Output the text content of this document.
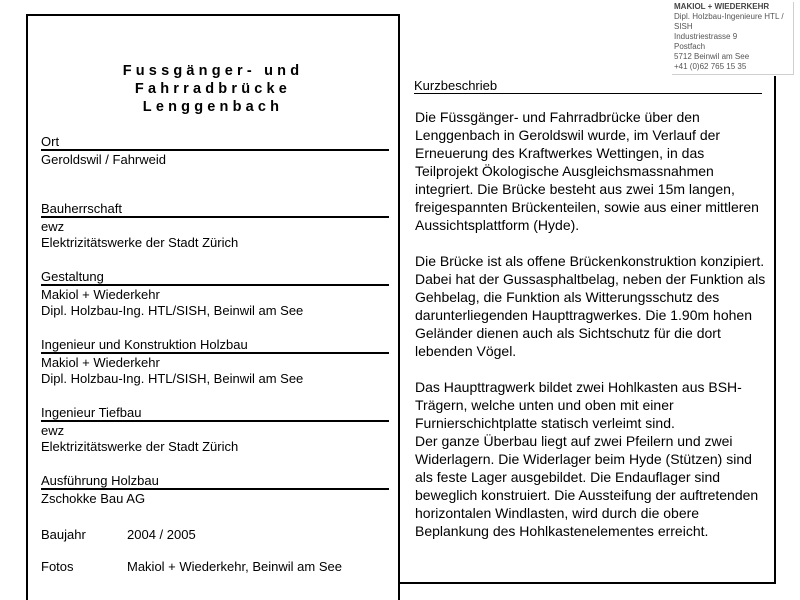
MAKIOL + WIEDERKEHR
Dipl. Holzbau-Ingenieure HTL / SISH
Industriestrasse 9
Postfach
5712 Beinwil am See
+41 (0)62 765 15 35
Fussgänger- und
Fahrradbrücke
Lenggenbach
Ort
Geroldswil / Fahrweid
Bauherrschaft
ewz
Elektrizitätswerke der Stadt Zürich
Gestaltung
Makiol + Wiederkehr
Dipl. Holzbau-Ing. HTL/SISH, Beinwil am See
Ingenieur und Konstruktion Holzbau
Makiol + Wiederkehr
Dipl. Holzbau-Ing. HTL/SISH, Beinwil am See
Ingenieur Tiefbau
ewz
Elektrizitätswerke der Stadt Zürich
Ausführung Holzbau
Zschokke Bau AG
Baujahr	2004 / 2005
Fotos	Makiol + Wiederkehr, Beinwil am See
Kurzbeschrieb

Die Füssgänger- und Fahrradbrücke über den Lenggenbach in Geroldswil wurde, im Verlauf der Erneuerung des Kraftwerkes Wettingen, in das Teilprojekt Ökologische Ausgleichsmassnahmen integriert. Die Brücke besteht aus zwei 15m langen, freigespannten Brückenteilen, sowie aus einer mittleren Aussichtsplattform (Hyde).

Die Brücke ist als offene Brückenkonstruktion konzipiert. Dabei hat der Gussasphaltbelag, neben der Funktion als Gehbelag, die Funktion als Witterungsschutz des darunterliegenden Haupttragwerkes. Die 1.90m hohen Geländer dienen auch als Sichtschutz für die dort lebenden Vögel.

Das Haupttragwerk bildet zwei Hohlkasten aus BSH-Trägern, welche unten und oben mit einer Furnierschichtplatte statisch verleimt sind.

Der ganze Überbau liegt auf zwei Pfeilern und zwei Widerlagern. Die Widerlager beim Hyde (Stützen) sind als feste Lager ausgebildet. Die Endauflager sind beweglich konstruiert. Die Aussteifung der auftretenden horizontalen Windlasten, wird durch die obere Beplankung des Hohlkastenelementes erreicht.
